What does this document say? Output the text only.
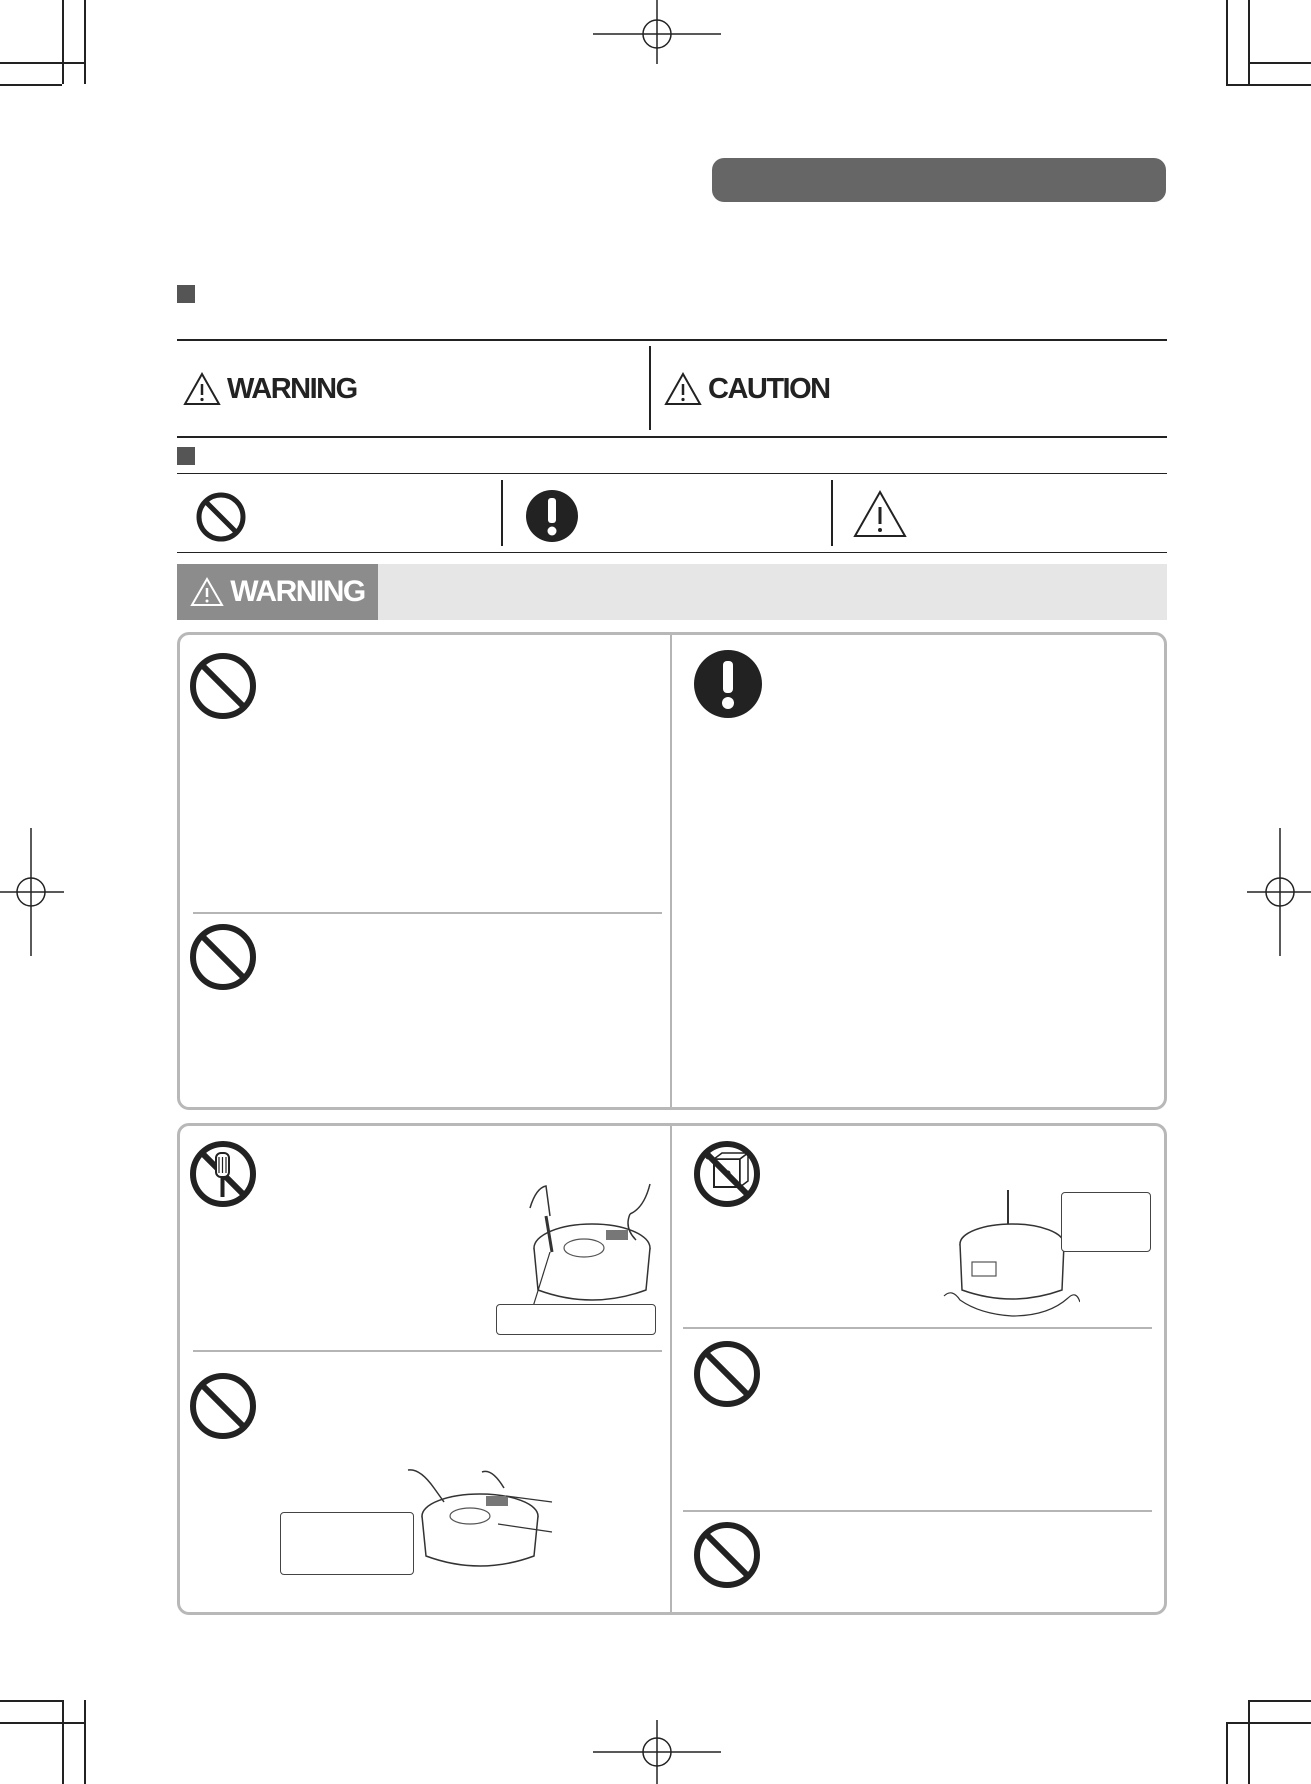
WARNING	CAUTION
WARNING
